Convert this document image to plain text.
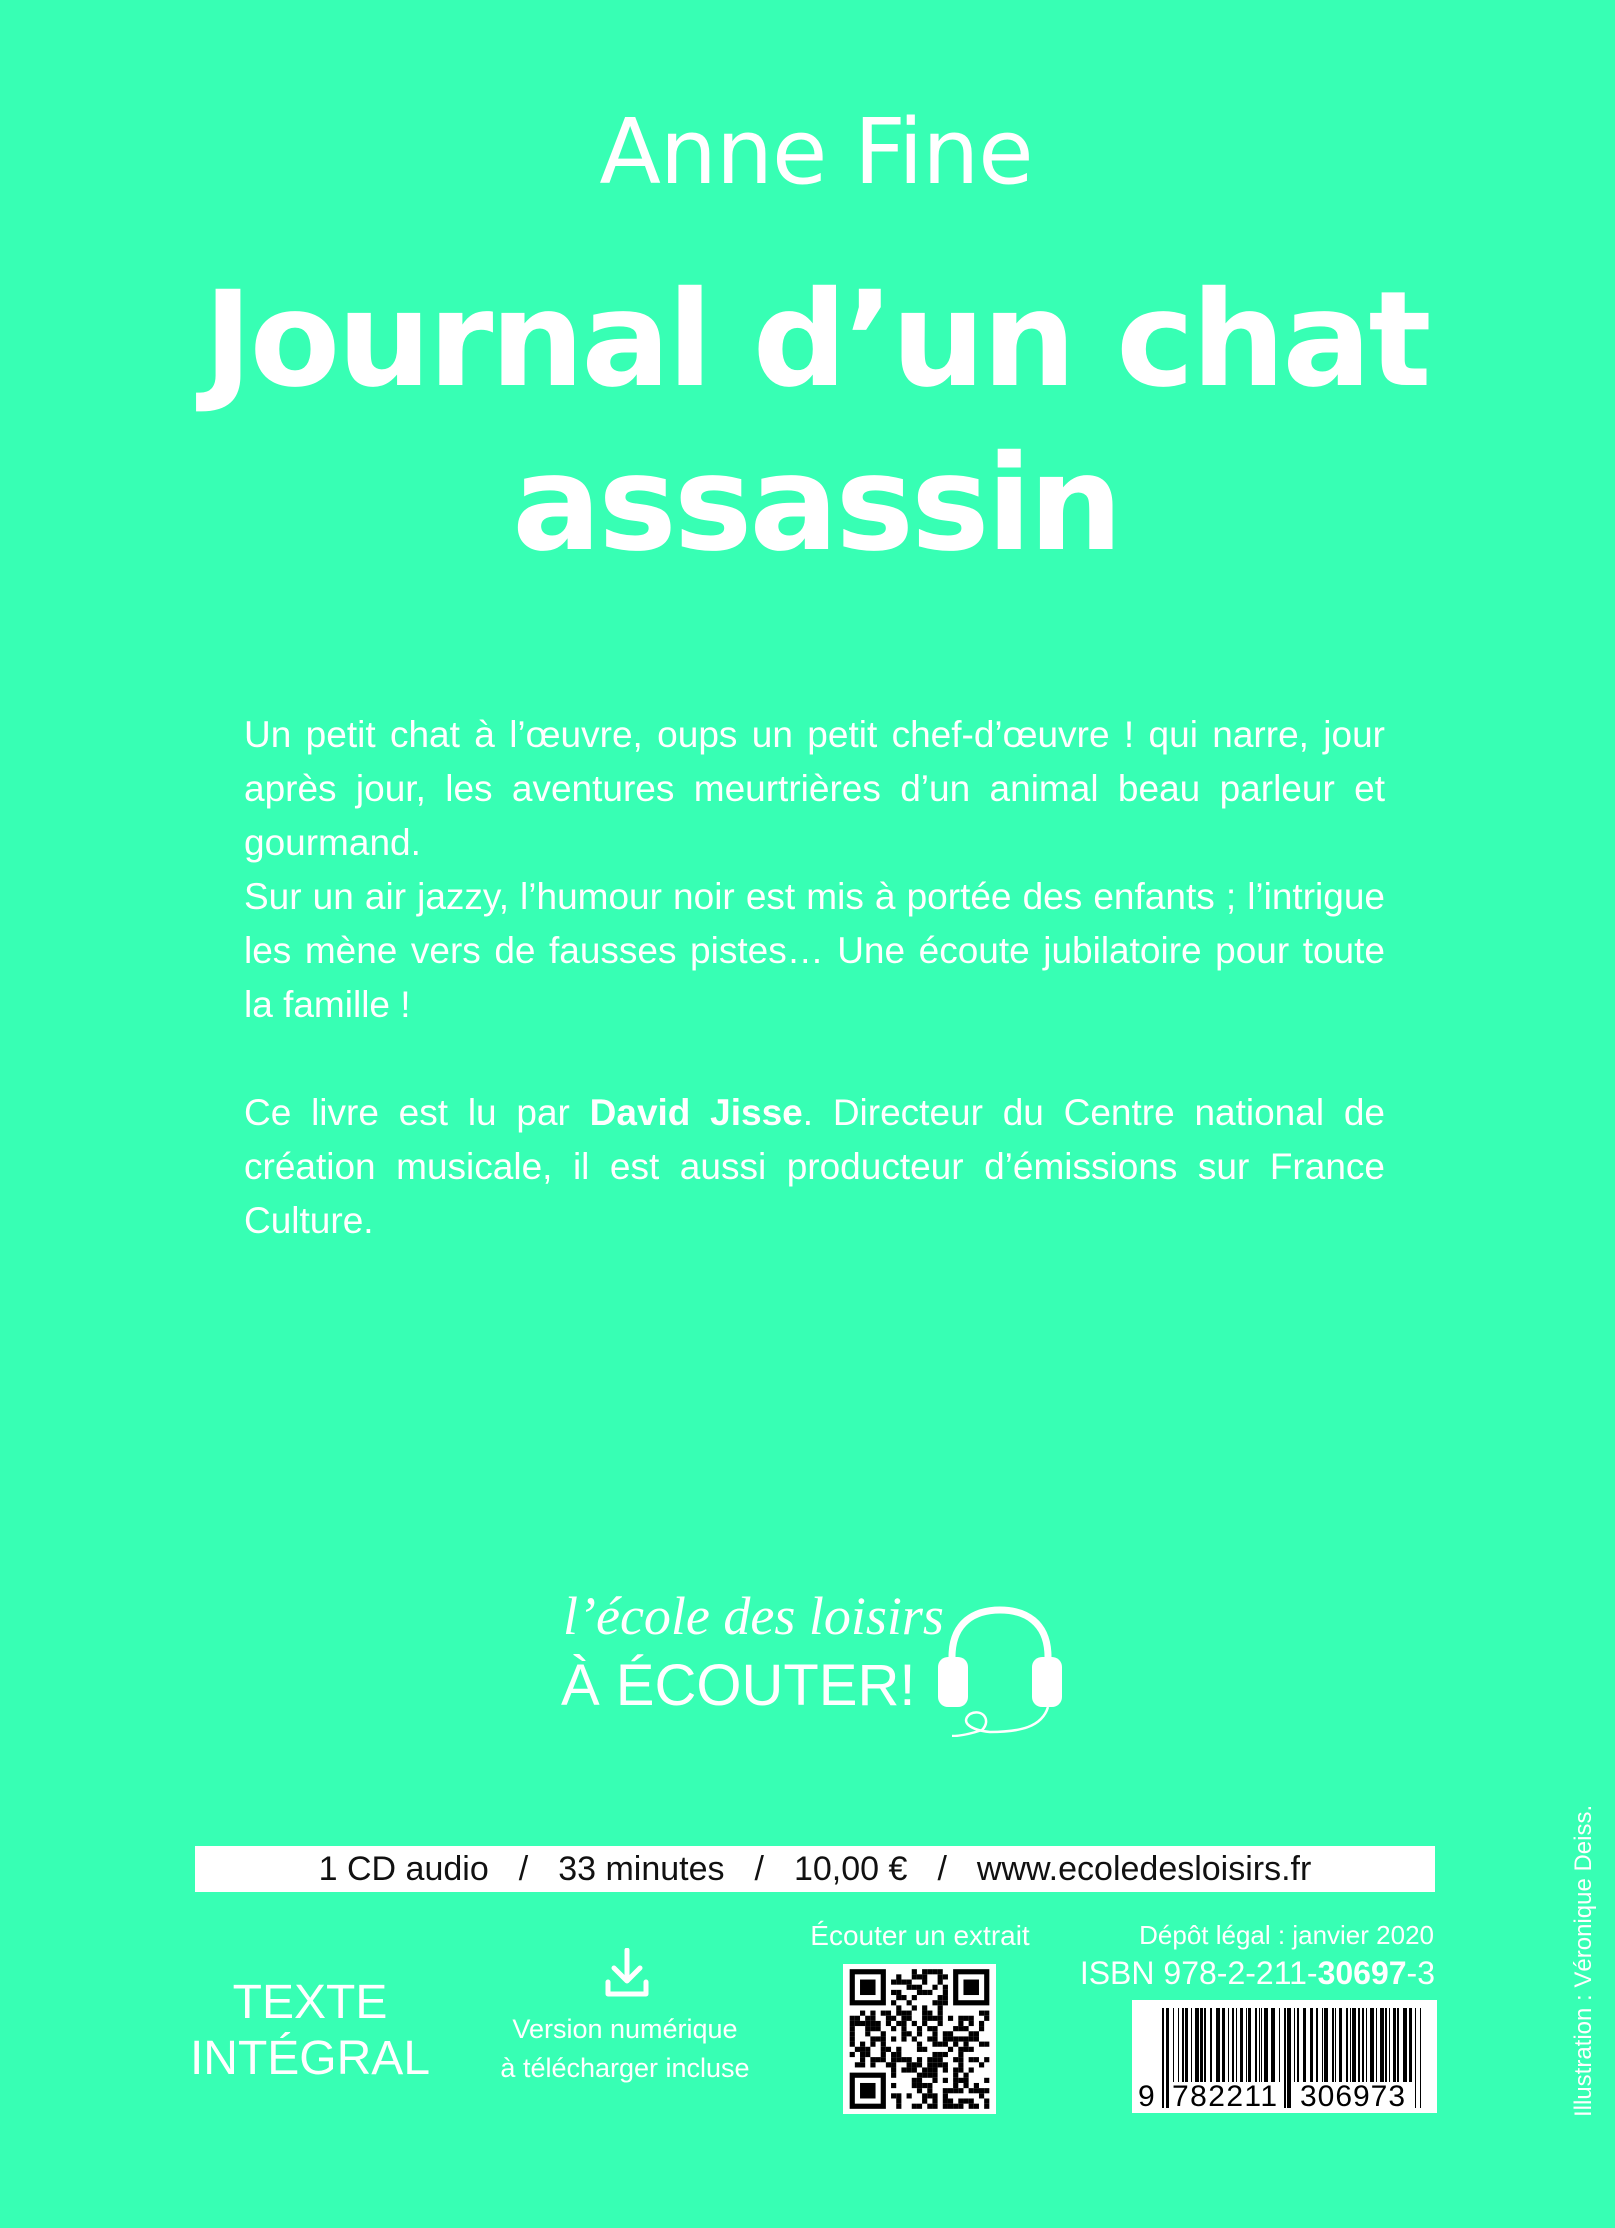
Anne Fine
Journal d’un chat
assassin

Un petit chat à l’œuvre, oups un petit chef-d’œuvre ! qui narre, jour après jour, les aventures meurtrières d’un animal beau parleur et gourmand.

Sur un air jazzy, l’humour noir est mis à portée des enfants ; l’intrigue les mène vers de fausses pistes… Une écoute jubilatoire pour toute la famille !

Ce livre est lu par David Jisse. Directeur du Centre national de création musicale, il est aussi producteur d’émissions sur France Culture.

l’école des loisirs
À ÉCOUTER!
1 CD audio / 33 minutes / 10,00 € / www.ecoledesloisirs.fr
TEXTE
INTÉGRAL
Version numérique
à télécharger incluse
Écouter un extrait	Dépôt légal : janvier 2020
ISBN 978-2-211-30697-3
9 782211 306973	Illustration : Véronique Deiss.
